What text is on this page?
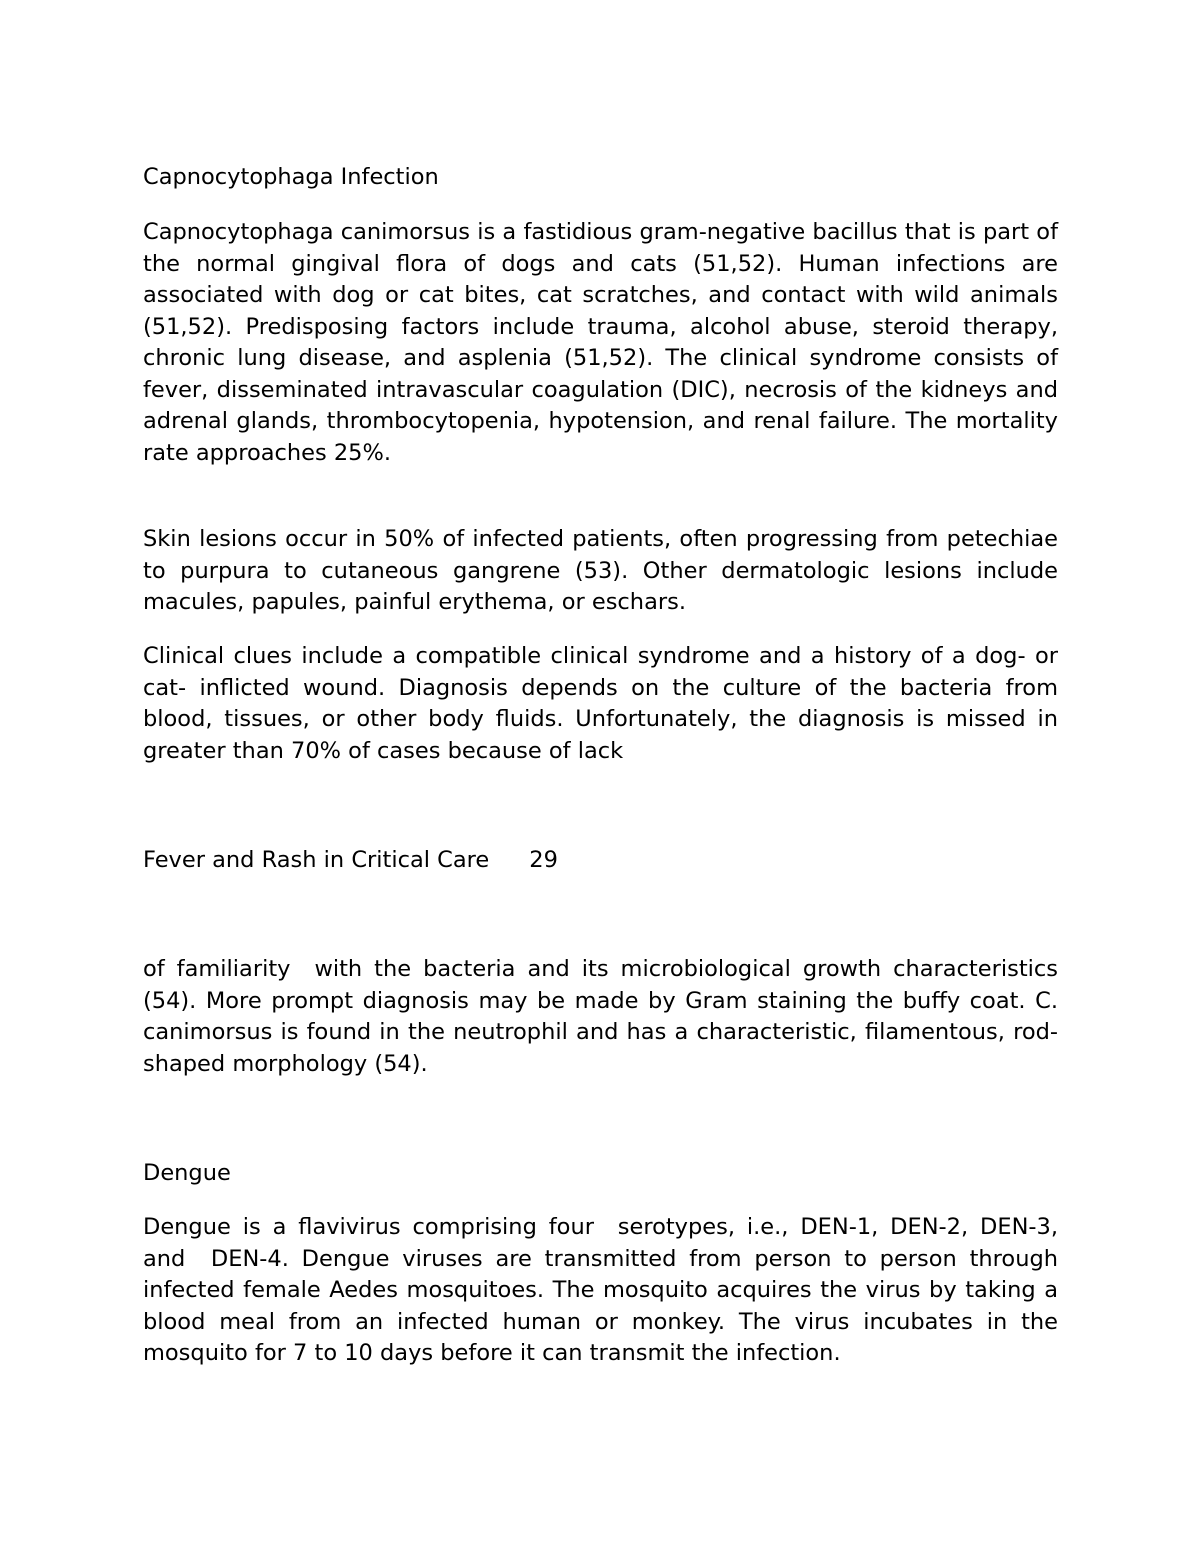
Capnocytophaga Infection

Capnocytophaga canimorsus is a fastidious gram-negative bacillus that is part of the normal gingival flora of dogs and cats (51,52). Human infections are associated with dog or cat bites, cat scratches, and contact with wild animals (51,52). Predisposing factors include trauma, alcohol abuse, steroid therapy, chronic lung disease, and asplenia (51,52). The clinical syndrome consists of fever, disseminated intravascular coagulation (DIC), necrosis of the kidneys and adrenal glands, thrombocytopenia, hypotension, and renal failure. The mortality rate approaches 25%.

Skin lesions occur in 50% of infected patients, often progressing from petechiae to purpura to cutaneous gangrene (53). Other dermatologic lesions include macules, papules, painful erythema, or eschars.

Clinical clues include a compatible clinical syndrome and a history of a dog- or cat- inflicted wound. Diagnosis depends on the culture of the bacteria from blood, tissues, or other body fluids. Unfortunately, the diagnosis is missed in greater than 70% of cases because of lack

Fever and Rash in Critical Care 29

of familiarity  with the bacteria and its microbiological growth characteristics (54). More prompt diagnosis may be made by Gram staining the buffy coat. C. canimorsus is found in the neutrophil and has a characteristic, filamentous, rod-shaped morphology (54).

Dengue

Dengue is a flavivirus comprising four  serotypes, i.e., DEN-1, DEN-2, DEN-3,  and  DEN-4. Dengue viruses are transmitted from person to person through infected female Aedes mosquitoes. The mosquito acquires the virus by taking a blood meal from an infected human or monkey. The virus incubates in the mosquito for 7 to 10 days before it can transmit the infection.
